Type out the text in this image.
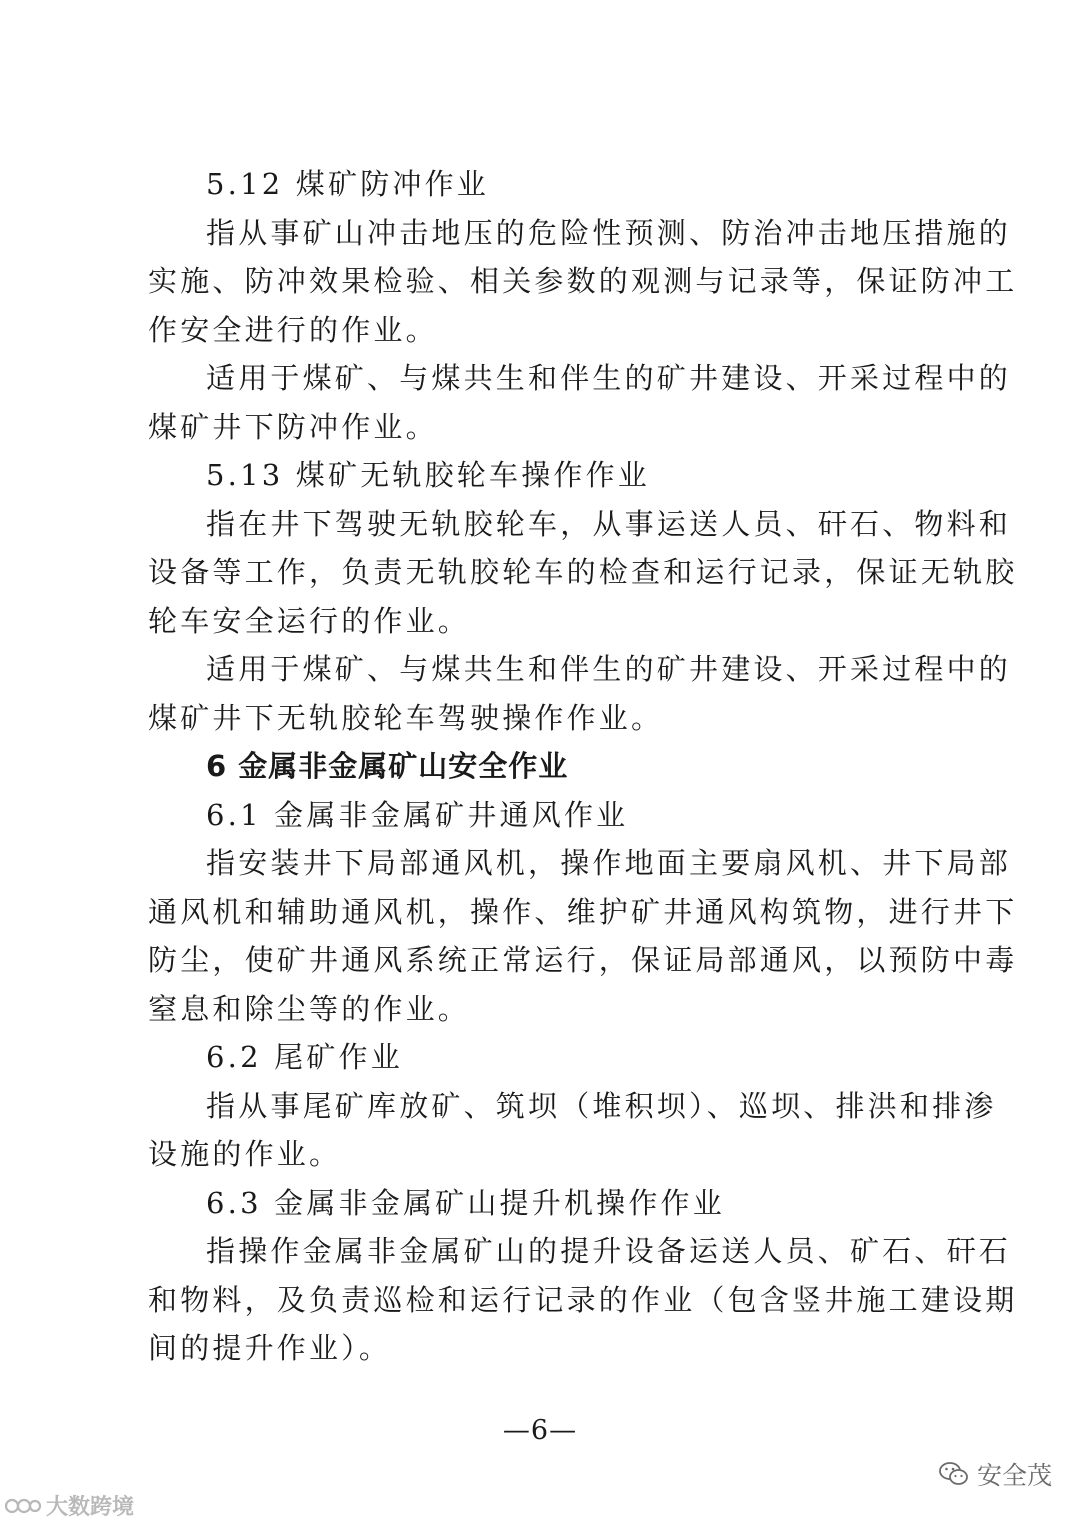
5.12 煤矿防冲作业
指从事矿山冲击地压的危险性预测、防治冲击地压措施的
实施、防冲效果检验、相关参数的观测与记录等，保证防冲工
作安全进行的作业。
适用于煤矿、与煤共生和伴生的矿井建设、开采过程中的
煤矿井下防冲作业。
5.13 煤矿无轨胶轮车操作作业
指在井下驾驶无轨胶轮车，从事运送人员、矸石、物料和
设备等工作，负责无轨胶轮车的检查和运行记录，保证无轨胶
轮车安全运行的作业。
适用于煤矿、与煤共生和伴生的矿井建设、开采过程中的
煤矿井下无轨胶轮车驾驶操作作业。
6 金属非金属矿山安全作业
6.1 金属非金属矿井通风作业
指安装井下局部通风机，操作地面主要扇风机、井下局部
通风机和辅助通风机，操作、维护矿井通风构筑物，进行井下
防尘，使矿井通风系统正常运行，保证局部通风，以预防中毒
窒息和除尘等的作业。
6.2 尾矿作业
指从事尾矿库放矿、筑坝（堆积坝）、巡坝、排洪和排渗
设施的作业。
6.3 金属非金属矿山提升机操作作业
指操作金属非金属矿山的提升设备运送人员、矿石、矸石
和物料，及负责巡检和运行记录的作业（包含竖井施工建设期
间的提升作业）。
—6—
安全茂
大数跨境
